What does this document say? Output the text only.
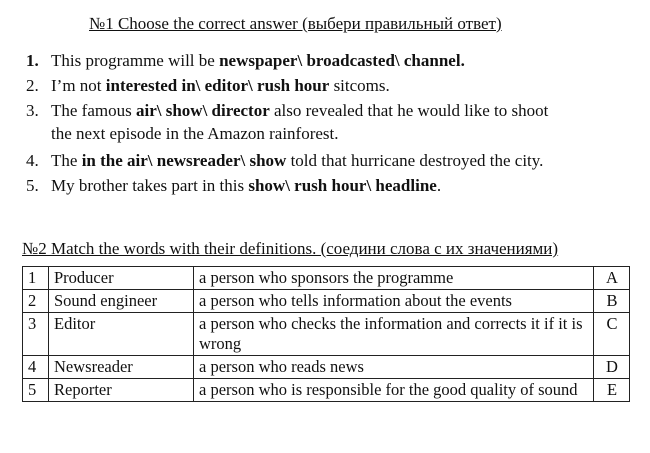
№1 Choose the correct answer (выбери правильный ответ)
1. This programme will be newspaper\ broadcasted\ channel.
2. I’m not interested in\ editor\ rush hour sitcoms.
3. The famous air\ show\ director also revealed that he would like to shoot
the next episode in the Amazon rainforest.
4. The in the air\ newsreader\ show told that hurricane destroyed the city.
5. My brother takes part in this show\ rush hour\ headline.
№2 Match the words with their definitions. (соедини слова с их значениями)
1	Producer	a person who sponsors the programme	A
2	Sound engineer	a person who tells information about the events	B
3	Editor	a person who checks the information and corrects it if it is wrong	C
4	Newsreader	a person who reads news	D
5	Reporter	a person who is responsible for the good quality of sound	E
